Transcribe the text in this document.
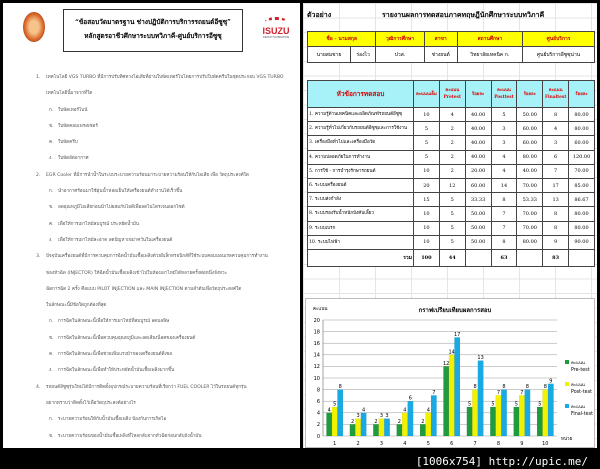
“ข้อสอบวัดมาตรฐาน ช่างปฏิบัติการบริการรถยนต์อีซูซุ”
หลักสูตรอาชีวศึกษาระบบทวิภาคี-ศูนย์บริการอีซูซุ	ISUZU
GROUP FOUNDATION
1. เทคโนโลยี VGS TURBO ที่มีการปรับทิศทางไอเสียที่ผ่านใบพัดเทอร์โบโดยการปรับใบพัดครีบในชุดประกอบ VGS TURBO
เทคโนโลยีนี้มาจากที่ใด
ก. ใบพัดเทอร์ไบน์
ข. ใบพัดคอมเพรสเซอร์
ค. ใบพัดครีบ
ง. ใบพัดอัดอากาศ
2. EGR Cooler ที่มีการนำน้ำในระบบระบายความร้อนมาระบายความร้อนให้กับไอเสีย เพื่อ วัตถุประสงค์ใด
ก. นำอากาศร้อนมาใช้อุ่นน้ำหล่อเย็นให้เครื่องยนต์ทำงานได้เร็วขึ้น
ข. ลดอุณหภูมิไอเสียก่อนนำไปผสมกับไอดีเพื่อลดไนโตรเจนออกไซด์
ค. เพื่อให้การเผาไหม้สมบูรณ์ ประหยัดน้ำมัน
ง. เพื่อให้การเผาไหม้สะอาด ลดปัญหาเขม่าควันในเครื่องยนต์
3. ปัจจุบันเครื่องยนต์ที่มีการควบคุมการฉีดน้ำมันเชื้อเพลิงด้วยอิเล็กทรอนิกส์ที่ใช้ระบบคอมมอนเรลควบคุมการทำงาน
ของหัวฉีด (INJECTOR) ให้ฉีดน้ำมันเชื้อเพลิงเข้าไปในห้องเผาไหม้ได้หลายครั้งต่อหนึ่งจังหวะ
ฉีดการฉีด 2 ครั้ง คือแบบ PILOT INJECTION และ MAIN INJECTION ตามลำดับเพื่อวัตถุประสงค์ใด
ในลักษณะนี้มีข้อใดถูกต้องที่สุด
ก. การฉีดในลักษณะนี้เพื่อให้การเผาไหม้ที่สมบูรณ์ ลดมลพิษ
ข. การฉีดในลักษณะนี้เพื่อควบคุมอุณหภูมิและลดเสียงน็อคของเครื่องยนต์
ค. การฉีดในลักษณะนี้เพื่อช่วยเพิ่มแรงม้าของเครื่องยนต์ดีเซล
ง. การฉีดในลักษณะนี้เพื่อทำให้ประหยัดน้ำมันเชื้อเพลิงมากขึ้น
4. รถยนต์อีซูซุรุ่นใหม่ได้มีการติดตั้งอุปกรณ์ระบายความร้อนที่เรียกว่า FUEL COOLER ไว้ในรถยนต์ทุกรุ่น
อยากทราบว่าติดตั้งไว้เพื่อวัตถุประสงค์อย่างไร
ก. ระบายความร้อนให้กับน้ำมันเชื้อเพลิง ป้องกันการเกิดไอ
ข. ระบายความร้อนของน้ำมันเชื้อเพลิงที่ไหลกลับจากหัวฉีดก่อนกลับถังน้ำมัน
ตัวอย่าง	รายงานผลการทดสอบภาคทฤษฎีนักศึกษาระบบทวิภาคี
ชื่อ - นามสกุล		วุฒิการศึกษา	สาขา	สถานศึกษา	ศูนย์บริการ
นายสมชาย	ร่องไว	ปวส.	ช่างยนต์	วิทยาลัยเทคนิค ก.	ศูนย์บริการอีซูซุน่าน
หัวข้อการทดสอบ	คะแนนเต็ม	คะแนน Pretest	ร้อยละ	คะแนน Posttest	ร้อยละ	คะแนน Finaltest	ร้อยละ
1. ความรู้ด้านเทคนิคและผลิตภัณฑ์รถยนต์อีซูซุ	10	4	40.00	5	50.00	8	80.00
2. ความรู้ทั่วไปเกี่ยวกับรถยนต์อีซูซุและการใช้งาน	5	2	40.00	3	60.00	4	80.00
3. เครื่องมือทั่วไปและเครื่องมือวัด	5	2	40.00	3	60.00	3	60.00
4. ความปลอดภัยในการทำงาน	5	2	40.00	4	80.00	6	120.00
5. การใช้ - การบำรุงรักษารถยนต์	10	2	20.00	4	40.00	7	70.00
6. ระบบเครื่องยนต์	20	12	60.00	14	70.00	17	85.00
7. ระบบส่งกำลัง	15	5	33.33	8	53.33	13	86.67
8. ระบบรองรับน้ำหนักบังคับเลี้ยว	10	5	50.00	7	70.00	8	80.00
9. ระบบเบรก	10	5	50.00	7	70.00	8	80.00
10. ระบบไฟฟ้า	10	5	50.00	8	80.00	9	90.00
รวม	100	44		63		83	
กราฟเปรียบเทียบผลการสอบ
คะแนน
หน่วย
0
2
4
6
8
10
12
14
16
18
20
1
4
5
8
2
2
3
4
3
2
3 3
4
2
4
6
5
2
4
7
6
12
14
17
7
5
8
13
8
5
7
8
9
5
7
8
10
5
8
9
คะแนน
Pre-test
คะแนน
Post-test
คะแนน
Final-test
[1006x754] http://upic.me/
